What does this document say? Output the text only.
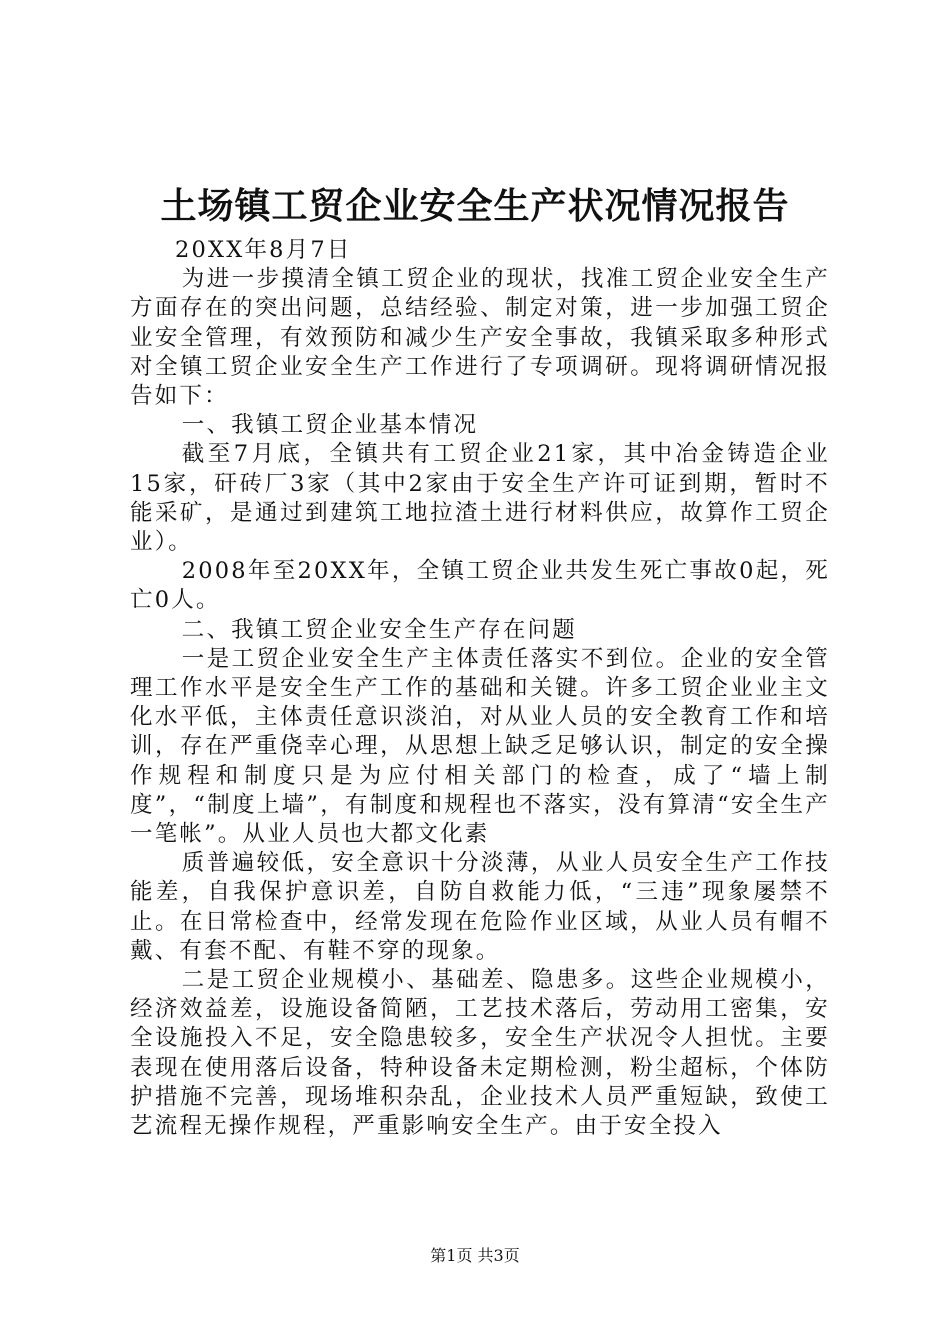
土场镇工贸企业安全生产状况情况报告

20XX年8月7日

为进一步摸清全镇工贸企业的现状，找准工贸企业安全生产方面存在的突出问题，总结经验、制定对策，进一步加强工贸企业安全管理，有效预防和减少生产安全事故，我镇采取多种形式对全镇工贸企业安全生产工作进行了专项调研。现将调研情况报告如下：

一、我镇工贸企业基本情况

截至7月底，全镇共有工贸企业21家，其中冶金铸造企业15家，矸砖厂3家（其中2家由于安全生产许可证到期，暂时不能采矿，是通过到建筑工地拉渣土进行材料供应，故算作工贸企业）。

2008年至20XX年，全镇工贸企业共发生死亡事故0起，死亡0人。

二、我镇工贸企业安全生产存在问题

一是工贸企业安全生产主体责任落实不到位。企业的安全管理工作水平是安全生产工作的基础和关键。许多工贸企业业主文化水平低，主体责任意识淡泊，对从业人员的安全教育工作和培训，存在严重侥幸心理，从思想上缺乏足够认识，制定的安全操作规程和制度只是为应付相关部门的检查，成了“墙上制度”，“制度上墙”，有制度和规程也不落实，没有算清“安全生产一笔帐”。从业人员也大都文化素

质普遍较低，安全意识十分淡薄，从业人员安全生产工作技能差，自我保护意识差，自防自救能力低，“三违”现象屡禁不止。在日常检查中，经常发现在危险作业区域，从业人员有帽不戴、有套不配、有鞋不穿的现象。

二是工贸企业规模小、基础差、隐患多。这些企业规模小，经济效益差，设施设备简陋，工艺技术落后，劳动用工密集，安全设施投入不足，安全隐患较多，安全生产状况令人担忧。主要表现在使用落后设备，特种设备未定期检测，粉尘超标，个体防护措施不完善，现场堆积杂乱，企业技术人员严重短缺，致使工艺流程无操作规程，严重影响安全生产。由于安全投入

第1页 共3页
